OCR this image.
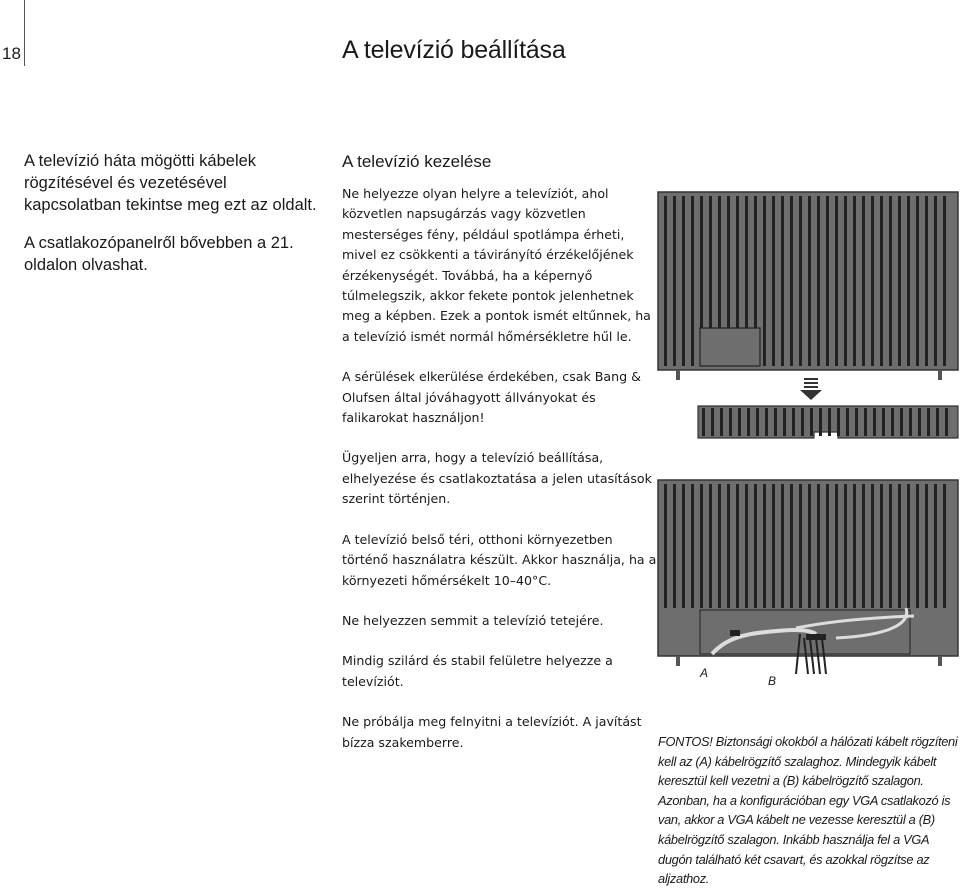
18	A televízió beállítása

A televízió háta mögötti kábelek rögzítésével és vezetésével kapcsolatban tekintse meg ezt az oldalt.

A csatlakozópanelről bővebben a 21. oldalon olvashat.

A televízió kezelése

Ne helyezze olyan helyre a televíziót, ahol közvetlen napsugárzás vagy közvetlen mesterséges fény, például spotlámpa érheti, mivel ez csökkenti a távirányító érzékelőjének érzékenységét. Továbbá, ha a képernyő túlmelegszik, akkor fekete pontok jelenhetnek meg a képben. Ezek a pontok ismét eltűnnek, ha a televízió ismét normál hőmérsékletre hűl le.

A sérülések elkerülése érdekében, csak Bang & Olufsen által jóváhagyott állványokat és falikarokat használjon!

Ügyeljen arra, hogy a televízió beállítása, elhelyezése és csatlakoztatása a jelen utasítások szerint történjen.

A televízió belső téri, otthoni környezetben történő használatra készült. Akkor használja, ha a környezeti hőmérsékelt 10–40°C.

Ne helyezzen semmit a televízió tetejére.

Mindig szilárd és stabil felületre helyezze a televíziót.

Ne próbálja meg felnyitni a televíziót. A javítást bízza szakemberre.

A
B

FONTOS! Biztonsági okokból a hálózati kábelt rögzíteni kell az (A) kábelrögzítő szalaghoz. Mindegyik kábelt keresztül kell vezetni a (B) kábelrögzítő szalagon. Azonban, ha a konfigurációban egy VGA csatlakozó is van, akkor a VGA kábelt ne vezesse keresztül a (B) kábelrögzítő szalagon. Inkább használja fel a VGA dugón található két csavart, és azokkal rögzítse az aljzathoz.
